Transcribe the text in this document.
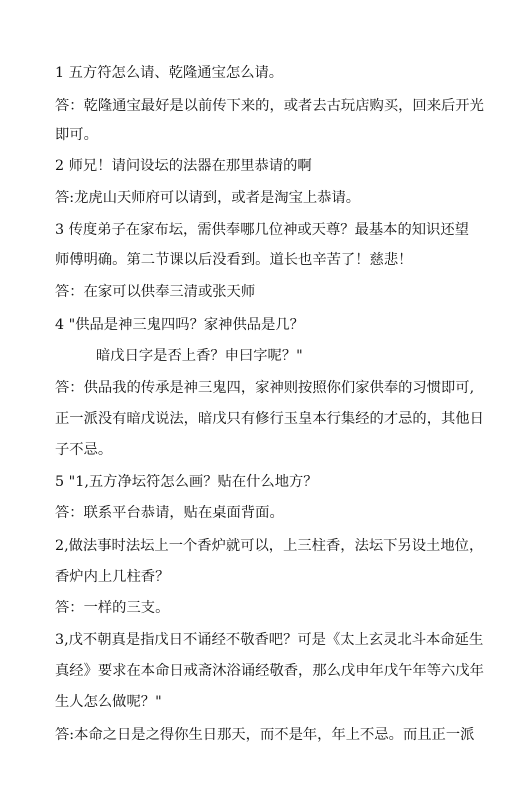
1 五方符怎么请、乾隆通宝怎么请。
答：乾隆通宝最好是以前传下来的，或者去古玩店购买，回来后开光
即可。
2 师兄！请问设坛的法器在那里恭请的啊
答:龙虎山天师府可以请到，或者是淘宝上恭请。
3 传度弟子在家布坛，需供奉哪几位神或天尊？最基本的知识还望
师傅明确。第二节课以后没看到。道长也辛苦了！慈悲！
答：在家可以供奉三清或张天师
4 "供品是神三鬼四吗？家神供品是几？
暗戊日字是否上香？申曰字呢？"
答：供品我的传承是神三鬼四，家神则按照你们家供奉的习惯即可,
正一派没有暗戊说法，暗戊只有修行玉皇本行集经的才忌的，其他日
子不忌。
5 "1,五方净坛符怎么画？贴在什么地方？
答：联系平台恭请，贴在桌面背面。
2,做法事时法坛上一个香炉就可以，上三柱香，法坛下另设土地位，
香炉内上几柱香？
答：一样的三支。
3,戊不朝真是指戊日不诵经不敬香吧？可是《太上玄灵北斗本命延生
真经》要求在本命日戒斋沐浴诵经敬香，那么戊申年戊午年等六戊年
生人怎么做呢？"
答:本命之日是之得你生日那天，而不是年，年上不忌。而且正一派
